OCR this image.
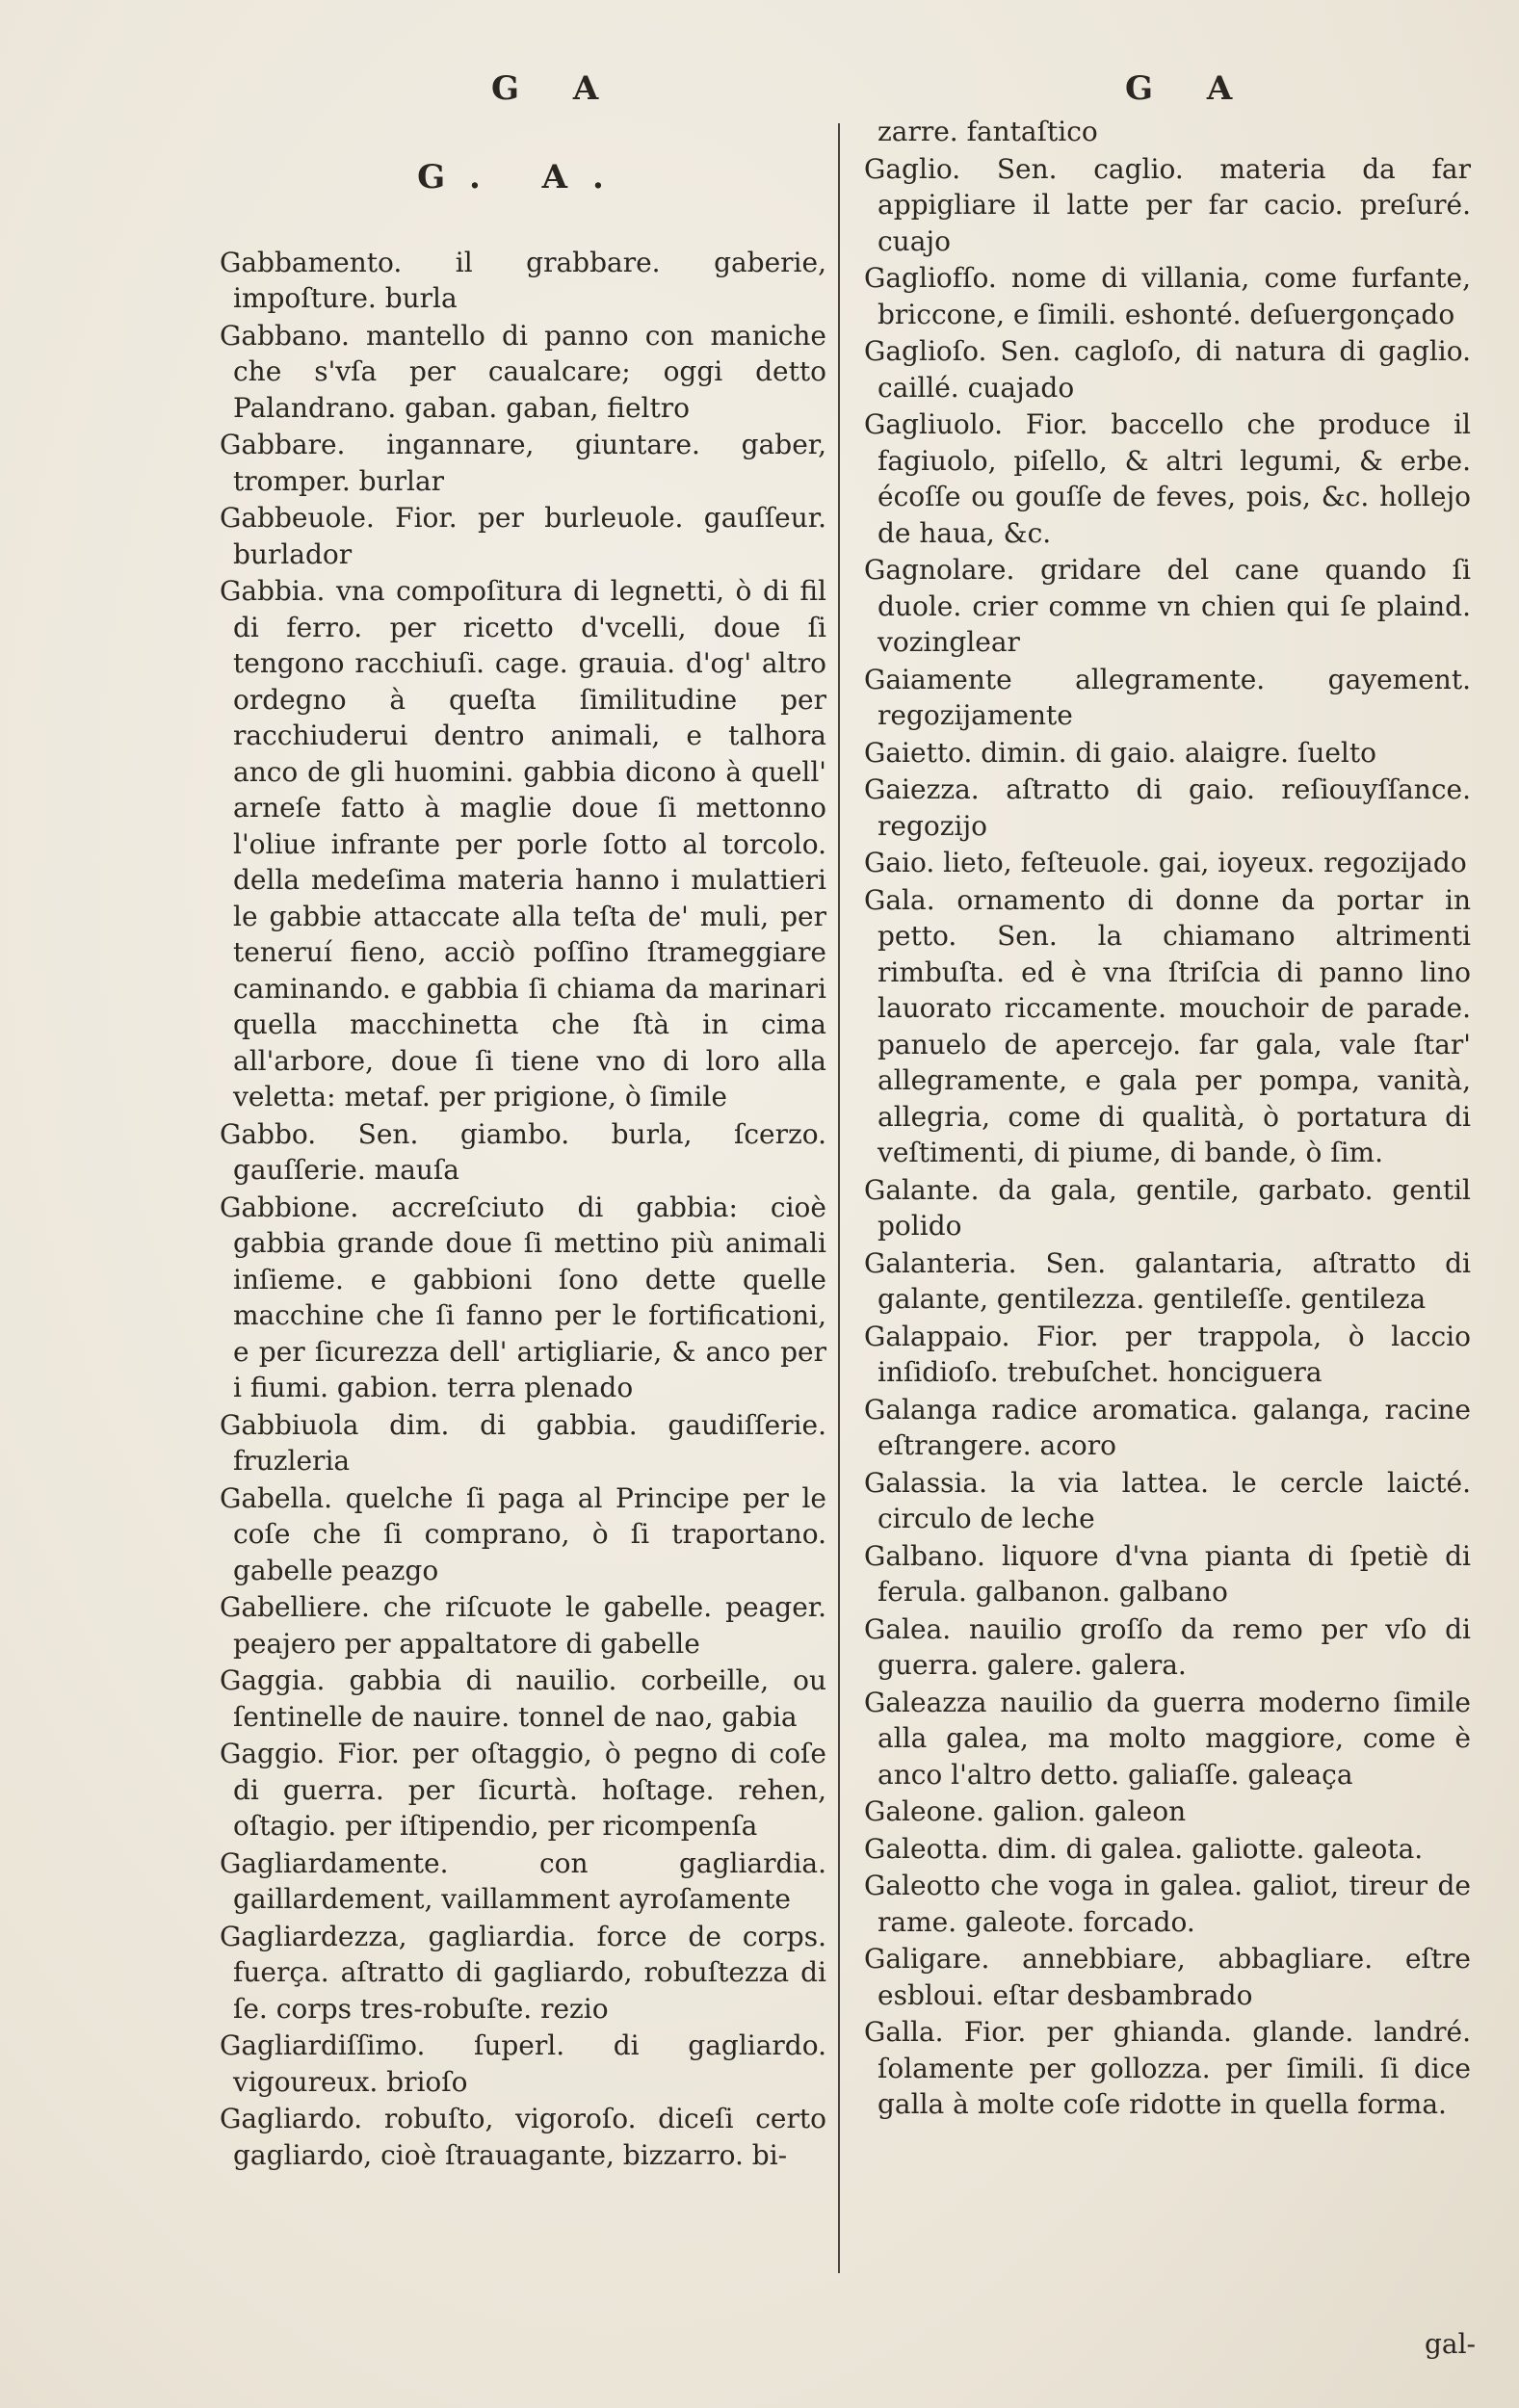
G A	G A
G. A.
Gabbamento. il grabbare. gaberie, impoſture. burla
Gabbano. mantello di panno con maniche che s'vſa per caualcare; oggi detto Palandrano. gaban. gaban, fieltro
Gabbare. ingannare, giuntare. gaber, tromper. burlar
Gabbeuole. Fior. per burleuole. gauſſeur. burlador
Gabbia. vna compoſitura di legnetti, ò di fil di ferro. per ricetto d'vcelli, doue ſi tengono racchiuſi. cage. grauia. d'og' altro ordegno à queſta ſimilitudine per racchiuderui dentro animali, e talhora anco de gli huomini. gabbia dicono à quell' arneſe fatto à maglie doue ſi mettonno l'oliue infrante per porle ſotto al torcolo. della medeſima materia hanno i mulattieri le gabbie attaccate alla teſta de' muli, per teneruí fieno, acciò poſſino ſtrameggiare caminando. e gabbia ſi chiama da marinari quella macchinetta che ſtà in cima all'arbore, doue ſi tiene vno di loro alla veletta: metaf. per prigione, ò ſimile
Gabbo. Sen. giambo. burla, ſcerzo. gauſſerie. mauſa
Gabbione. accreſciuto di gabbia: cioè gabbia grande doue ſi mettino più animali inſieme. e gabbioni ſono dette quelle macchine che ſi fanno per le fortificationi, e per ſicurezza dell' artigliarie, & anco per i fiumi. gabion. terra plenado
Gabbiuola dim. di gabbia. gaudiſſerie. fruzleria
Gabella. quelche ſi paga al Principe per le coſe che ſi comprano, ò ſi traportano. gabelle peazgo
Gabelliere. che riſcuote le gabelle. peager. peajero per appaltatore di gabelle
Gaggia. gabbia di nauilio. corbeille, ou ſentinelle de nauire. tonnel de nao, gabia
Gaggio. Fior. per oſtaggio, ò pegno di coſe di guerra. per ſicurtà. hoſtage. rehen, oſtagio. per iſtipendio, per ricompenſa
Gagliardamente. con gagliardia. gaillardement, vaillamment ayroſamente
Gagliardezza, gagliardia. force de corps. fuerça. aſtratto di gagliardo, robuſtezza di ſe. corps tres-robuſte. rezio
Gagliardiſſimo. ſuperl. di gagliardo. vigoureux. brioſo
Gagliardo. robuſto, vigoroſo. diceſi certo gagliardo, cioè ſtrauagante, bizzarro. bi-
zarre. fantaſtico
Gaglio. Sen. caglio. materia da far appigliare il latte per far cacio. preſuré. cuajo
Gagliofſo. nome di villania, come furfante, briccone, e ſimili. eshonté. deſuergonçado
Gaglioſo. Sen. cagloſo, di natura di gaglio. caillé. cuajado
Gagliuolo. Fior. baccello che produce il fagiuolo, piſello, & altri legumi, & erbe. écoſſe ou gouſſe de feves, pois, &c. hollejo de haua, &c.
Gagnolare. gridare del cane quando ſi duole. crier comme vn chien qui ſe plaind. vozinglear
Gaiamente allegramente. gayement. regozijamente
Gaietto. dimin. di gaio. alaigre. ſuelto
Gaiezza. aſtratto di gaio. reſiouyſſance. regozijo
Gaio. lieto, feſteuole. gai, ioyeux. regozijado
Gala. ornamento di donne da portar in petto. Sen. la chiamano altrimenti rimbuſta. ed è vna ſtriſcia di panno lino lauorato riccamente. mouchoir de parade. panuelo de apercejo. far gala, vale ſtar' allegramente, e gala per pompa, vanità, allegria, come di qualità, ò portatura di veſtimenti, di piume, di bande, ò ſim.
Galante. da gala, gentile, garbato. gentil polido
Galanteria. Sen. galantaria, aſtratto di galante, gentilezza. gentileſſe. gentileza
Galappaio. Fior. per trappola, ò laccio inſidioſo. trebuſchet. honciguera
Galanga radice aromatica. galanga, racine eſtrangere. acoro
Galassia. la via lattea. le cercle laicté. circulo de leche
Galbano. liquore d'vna pianta di ſpetiè di ferula. galbanon. galbano
Galea. nauilio groſſo da remo per vſo di guerra. galere. galera.
Galeazza nauilio da guerra moderno ſimile alla galea, ma molto maggiore, come è anco l'altro detto. galiaſſe. galeaça
Galeone. galion. galeon
Galeotta. dim. di galea. galiotte. galeota.
Galeotto che voga in galea. galiot, tireur de rame. galeote. forcado.
Galigare. annebbiare, abbagliare. eſtre esbloui. eſtar desbambrado
Galla. Fior. per ghianda. glande. landré. ſolamente per gollozza. per ſimili. ſi dice galla à molte coſe ridotte in quella forma.
gal-
